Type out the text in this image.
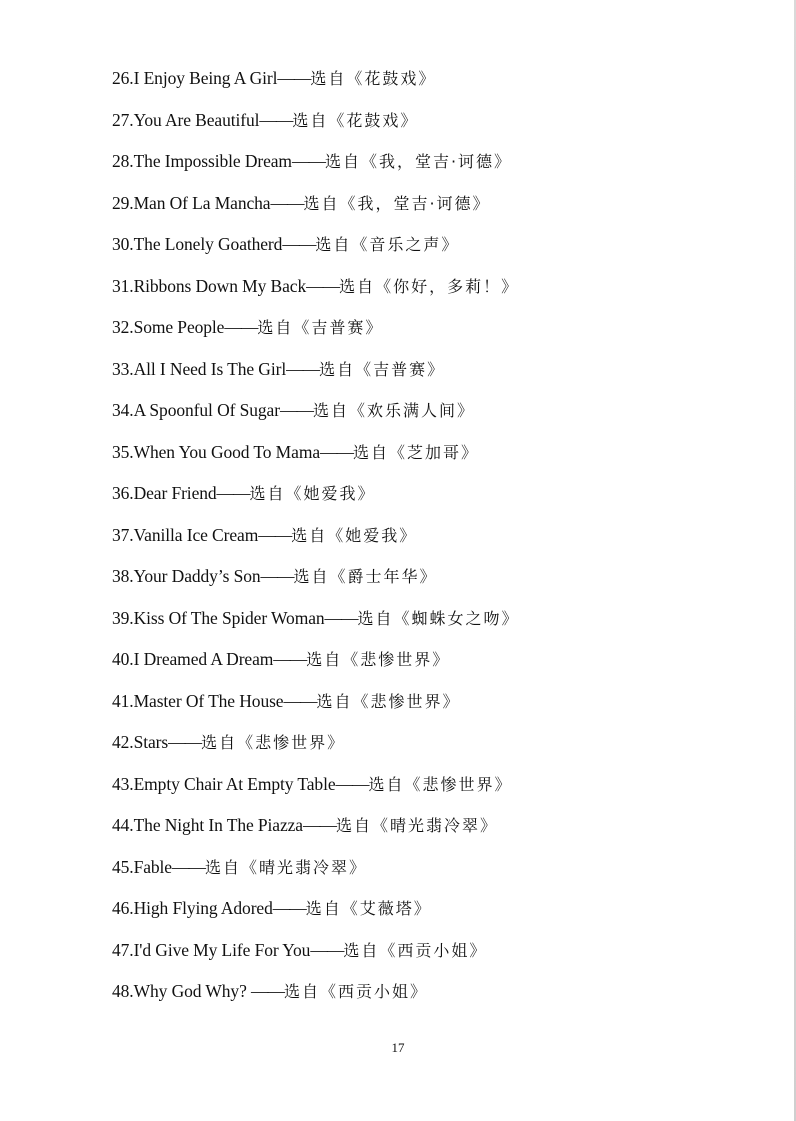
26.I Enjoy Being A Girl——选自《花鼓戏》
27.You Are Beautiful——选自《花鼓戏》
28.The Impossible Dream——选自《我，堂吉·诃德》
29.Man Of La Mancha——选自《我，堂吉·诃德》
30.The Lonely Goatherd——选自《音乐之声》
31.Ribbons Down My Back——选自《你好，多莉！》
32.Some People——选自《吉普赛》
33.All I Need Is The Girl——选自《吉普赛》
34.A Spoonful Of Sugar——选自《欢乐满人间》
35.When You Good To Mama——选自《芝加哥》
36.Dear Friend——选自《她爱我》
37.Vanilla Ice Cream——选自《她爱我》
38.Your Daddy’s Son——选自《爵士年华》
39.Kiss Of The Spider Woman——选自《蜘蛛女之吻》
40.I Dreamed A Dream——选自《悲惨世界》
41.Master Of The House——选自《悲惨世界》
42.Stars——选自《悲惨世界》
43.Empty Chair At Empty Table——选自《悲惨世界》
44.The Night In The Piazza——选自《晴光翡冷翠》
45.Fable——选自《晴光翡冷翠》
46.High Flying Adored——选自《艾薇塔》
47.I'd Give My Life For You——选自《西贡小姐》
48.Why God Why? ——选自《西贡小姐》
17
